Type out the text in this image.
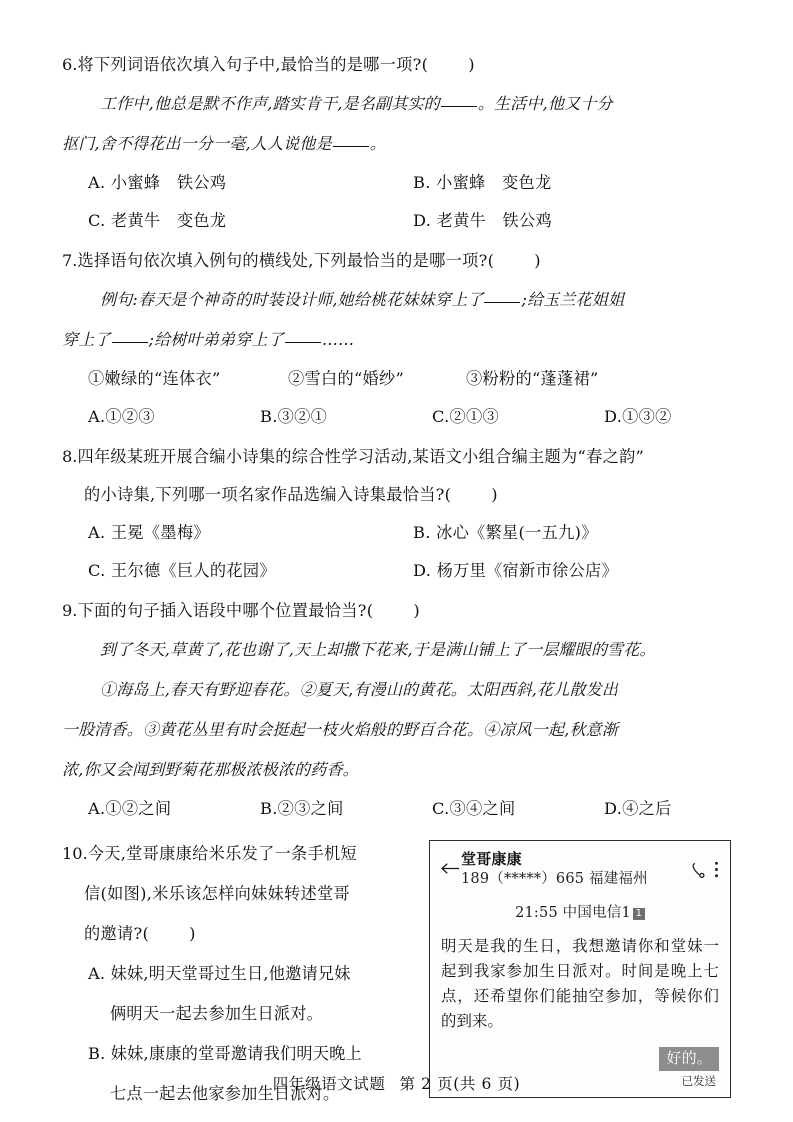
6.将下列词语依次填入句子中,最恰当的是哪一项?( )
工作中,他总是默不作声,踏实肯干,是名副其实的 。生活中,他又十分
抠门,舍不得花出一分一毫,人人说他是 。
A. 小蜜蜂　铁公鸡	B. 小蜜蜂　变色龙
C. 老黄牛　变色龙	D. 老黄牛　铁公鸡
7.选择语句依次填入例句的横线处,下列最恰当的是哪一项?( )
例句:春天是个神奇的时装设计师,她给桃花妹妹穿上了 ;给玉兰花姐姐
穿上了 ;给树叶弟弟穿上了 ……
①嫩绿的“连体衣”	②雪白的“婚纱”	③粉粉的“蓬蓬裙”
A.①②③	B.③②①	C.②①③	D.①③②
8.四年级某班开展合编小诗集的综合性学习活动,某语文小组合编主题为“春之韵”
的小诗集,下列哪一项名家作品选编入诗集最恰当?( )
A. 王冕《墨梅》	B. 冰心《繁星(一五九)》
C. 王尔德《巨人的花园》	D. 杨万里《宿新市徐公店》
9.下面的句子插入语段中哪个位置最恰当?( )
到了冬天,草黄了,花也谢了,天上却撒下花来,于是满山铺上了一层耀眼的雪花。
①海岛上,春天有野迎春花。②夏天,有漫山的黄花。太阳西斜,花儿散发出
一股清香。③黄花丛里有时会挺起一枝火焰般的野百合花。④凉风一起,秋意渐
浓,你又会闻到野菊花那极浓极浓的药香。
A.①②之间	B.②③之间	C.③④之间	D.④之后
10.今天,堂哥康康给米乐发了一条手机短
信(如图),米乐该怎样向妹妹转述堂哥
的邀请?( )
A. 妹妹,明天堂哥过生日,他邀请兄妹
俩明天一起去参加生日派对。
B. 妹妹,康康的堂哥邀请我们明天晚上
七点一起去他家参加生日派对。
堂哥康康
189（*****）665 福建福州
21:55 中国电信1 1
明天是我的生日，我想邀请你和堂妹一起到我家参加生日派对。时间是晚上七点，还希望你们能抽空参加，等候你们的到来。
好的。
已发送
四年级语文试题 第 2 页(共 6 页)
